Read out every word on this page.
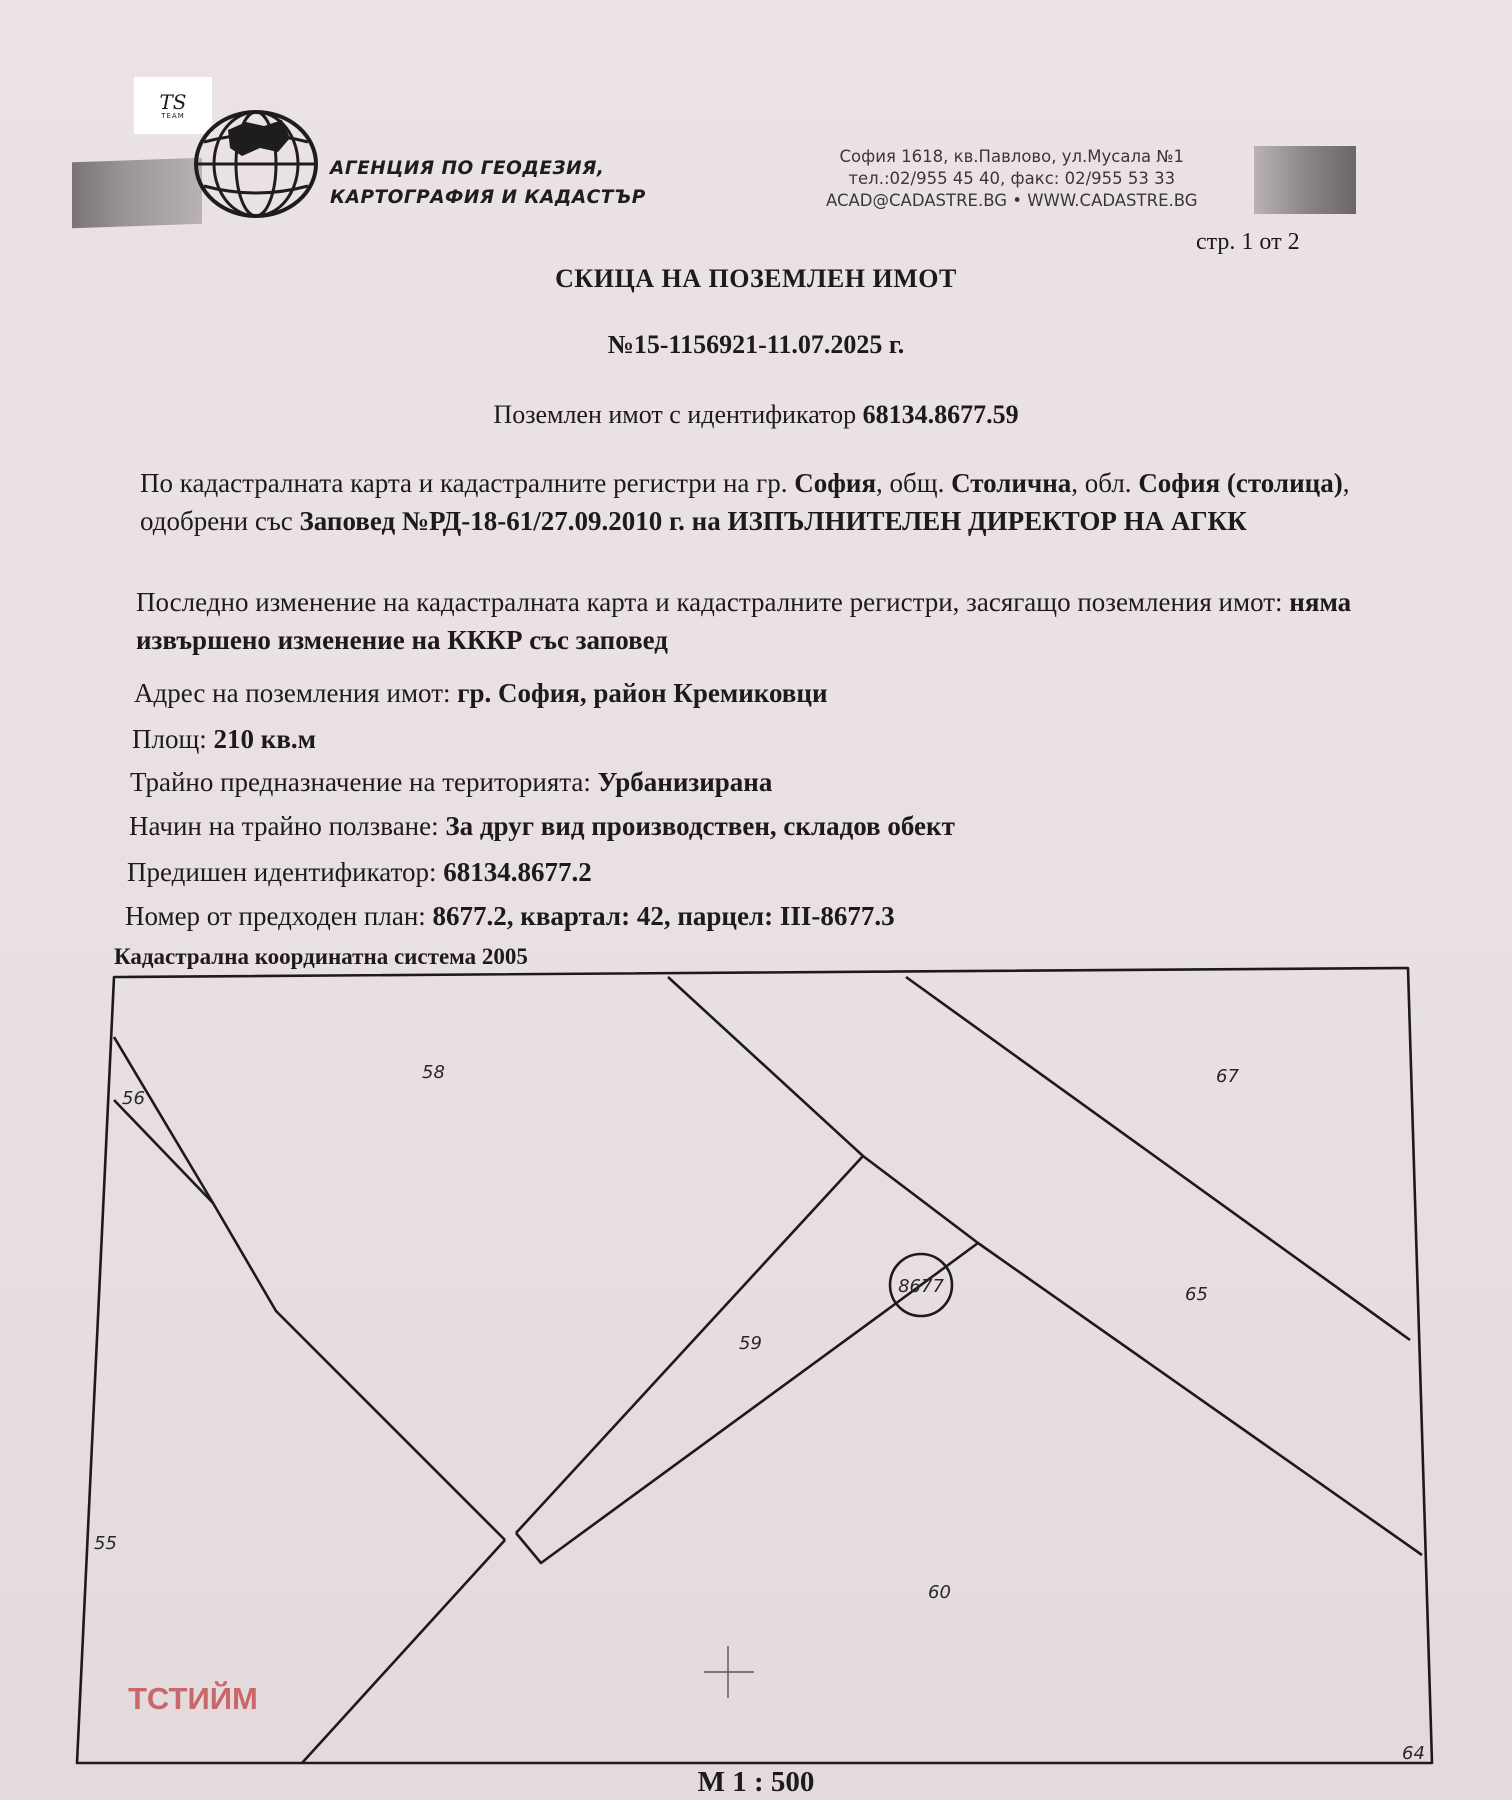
TS
TEAM
АГЕНЦИЯ ПО ГЕОДЕЗИЯ,
КАРТОГРАФИЯ И КАДАСТЪР
София 1618, кв.Павлово, ул.Мусала №1
тел.:02/955 45 40, факс: 02/955 53 33
ACAD@CADASTRE.BG • WWW.CADASTRE.BG
стр. 1 от 2
СКИЦА НА ПОЗЕМЛЕН ИМОТ
№15-1156921-11.07.2025 г.
Поземлен имот с идентификатор 68134.8677.59
По кадастралната карта и кадастралните регистри на гр. София, общ. Столична, обл. София (столица), одобрени със Заповед №РД-18-61/27.09.2010 г. на ИЗПЪЛНИТЕЛЕН ДИРЕКТОР НА АГКК
Последно изменение на кадастралната карта и кадастралните регистри, засягащо поземления имот: няма извършено изменение на КККР със заповед
Адрес на поземления имот: гр. София, район Кремиковци
Площ: 210 кв.м
Трайно предназначение на територията: Урбанизирана
Начин на трайно ползване: За друг вид производствен, складов обект
Предишен идентификатор: 68134.8677.2
Номер от предходен план: 8677.2, квартал: 42, парцел: III-8677.3
Кадастрална координатна система 2005
8677
56
58	67
65
59
55
60
64
ТСТИЙМ
М 1 : 500
